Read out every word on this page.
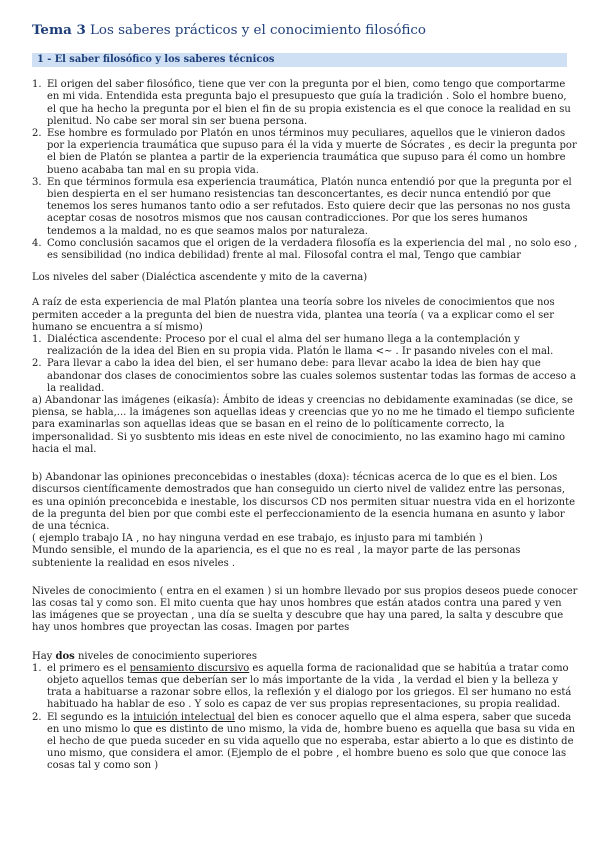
Tema 3 Los saberes prácticos y el conocimiento filosófico
1 - El saber filosófico y los saberes técnicos
1. El origen del saber filosófico, tiene que ver con la pregunta por el bien, como tengo que comportarme en mi vida. Entendida esta pregunta bajo el presupuesto que guía la tradición . Solo el hombre bueno, el que ha hecho la pregunta por el bien el fin de su propia existencia es el que conoce la realidad en su plenitud. No cabe ser moral sin ser buena persona.
2. Ese hombre es formulado por Platón en unos términos muy peculiares, aquellos que le vinieron dados por la experiencia traumática que supuso para él la vida y muerte de Sócrates , es decir la pregunta por el bien de Platón se plantea a partir de la experiencia traumática que supuso para él como un hombre bueno acababa tan mal en su propia vida.
3. En que términos formula esa experiencia traumática, Platón nunca entendió por que la pregunta por el bien despierta en el ser humano resistencias tan desconcertantes, es decir nunca entendió por que tenemos los seres humanos tanto odio a ser refutados. Esto quiere decir que las personas no nos gusta aceptar cosas de nosotros mismos que nos causan contradicciones. Por que los seres humanos tendemos a la maldad, no es que seamos malos por naturaleza.
4. Como conclusión sacamos que el origen de la verdadera filosofía es la experiencia del mal , no solo eso , es sensibilidad (no indica debilidad) frente al mal. Filosofal contra el mal, Tengo que cambiar

Los niveles del saber (Dialéctica ascendente y mito de la caverna)

A raíz de esta experiencia de mal Platón plantea una teoría sobre los niveles de conocimientos que nos permiten acceder a la pregunta del bien de nuestra vida, plantea una teoría ( va a explicar como el ser humano se encuentra a sí mismo)

1. Dialéctica ascendente: Proceso por el cual el alma del ser humano llega a la contemplación y realización de la idea del Bien en su propia vida. Platón le llama <~ . Ir pasando niveles con el mal.
2. Para llevar a cabo la idea del bien, el ser humano debe: para llevar acabo la idea de bien hay que abandonar dos clases de conocimientos sobre las cuales solemos sustentar todas las formas de acceso a la realidad.

a) Abandonar las imágenes (eikasía): Ámbito de ideas y creencias no debidamente examinadas (se dice, se piensa, se habla,... la imágenes son aquellas ideas y creencias que yo no me he timado el tiempo suficiente para examinarlas son aquellas ideas que se basan en el reino de lo políticamente correcto, la impersonalidad. Si yo susbtento mis ideas en este nivel de conocimiento, no las examino hago mi camino hacia el mal.

b) Abandonar las opiniones preconcebidas o inestables (doxa): técnicas acerca de lo que es el bien. Los discursos científicamente demostrados que han conseguido un cierto nivel de validez entre las personas, es una opinión preconcebida e inestable, los discursos CD nos permiten situar nuestra vida en el horizonte de la pregunta del bien por que combi este el perfeccionamiento de la esencia humana en asunto y labor de una técnica.

( ejemplo trabajo IA , no hay ninguna verdad en ese trabajo, es injusto para mi también )

Mundo sensible, el mundo de la apariencia, es el que no es real , la mayor parte de las personas subteniente la realidad en esos niveles .

Niveles de conocimiento ( entra en el examen ) si un hombre llevado por sus propios deseos puede conocer las cosas tal y como son. El mito cuenta que hay unos hombres que están atados contra una pared y ven las imágenes que se proyectan , una día se suelta y descubre que hay una pared, la salta y descubre que hay unos hombres que proyectan las cosas. Imagen por partes

Hay dos niveles de conocimiento superiores

1. el primero es el pensamiento discursivo es aquella forma de racionalidad que se habitúa a tratar como objeto aquellos temas que deberían ser lo más importante de la vida , la verdad el bien y la belleza y trata a habituarse a razonar sobre ellos, la reflexión y el dialogo por los griegos. El ser humano no está habituado ha hablar de eso . Y solo es capaz de ver sus propias representaciones, su propia realidad.
2. El segundo es la intuición intelectual del bien es conocer aquello que el alma espera, saber que suceda en uno mismo lo que es distinto de uno mismo, la vida de, hombre bueno es aquella que basa su vida en el hecho de que pueda suceder en su vida aquello que no esperaba, estar abierto a lo que es distinto de uno mismo, que considera el amor. (Ejemplo de el pobre , el hombre bueno es solo que que conoce las cosas tal y como son )
